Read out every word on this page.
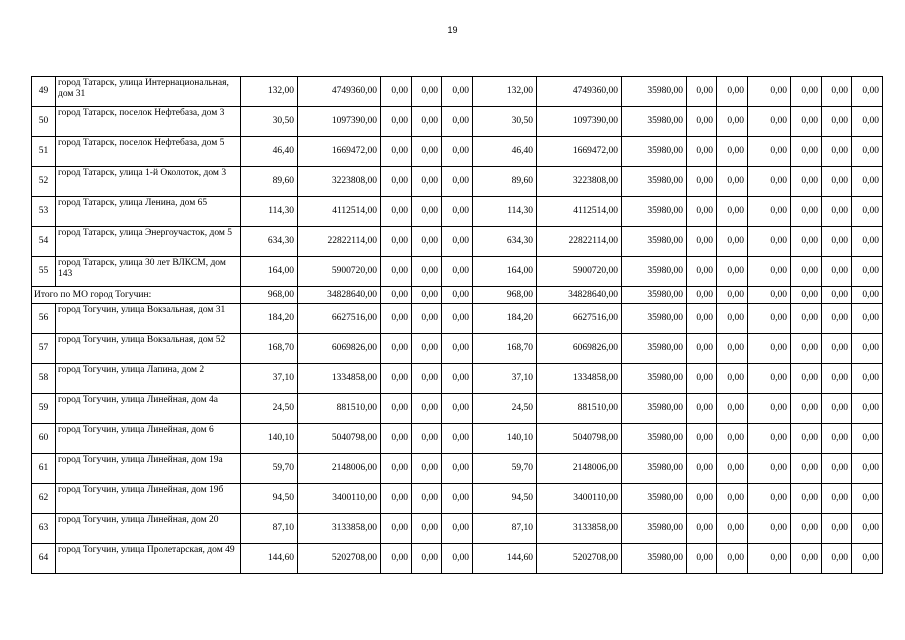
19
49	город Татарск, улица Интернациональная, дом 31	132,00	4749360,00	0,00	0,00	0,00	132,00	4749360,00	35980,00	0,00	0,00	0,00	0,00	0,00	0,00
50	город Татарск, поселок Нефтебаза, дом 3	30,50	1097390,00	0,00	0,00	0,00	30,50	1097390,00	35980,00	0,00	0,00	0,00	0,00	0,00	0,00
51	город Татарск, поселок Нефтебаза, дом 5	46,40	1669472,00	0,00	0,00	0,00	46,40	1669472,00	35980,00	0,00	0,00	0,00	0,00	0,00	0,00
52	город Татарск, улица 1-й Околоток, дом 3	89,60	3223808,00	0,00	0,00	0,00	89,60	3223808,00	35980,00	0,00	0,00	0,00	0,00	0,00	0,00
53	город Татарск, улица Ленина, дом 65	114,30	4112514,00	0,00	0,00	0,00	114,30	4112514,00	35980,00	0,00	0,00	0,00	0,00	0,00	0,00
54	город Татарск, улица Энергоучасток, дом 5	634,30	22822114,00	0,00	0,00	0,00	634,30	22822114,00	35980,00	0,00	0,00	0,00	0,00	0,00	0,00
55	город Татарск, улица 30 лет ВЛКСМ, дом 143	164,00	5900720,00	0,00	0,00	0,00	164,00	5900720,00	35980,00	0,00	0,00	0,00	0,00	0,00	0,00
Итого по МО город Тогучин:		968,00	34828640,00	0,00	0,00	0,00	968,00	34828640,00	35980,00	0,00	0,00	0,00	0,00	0,00	0,00
56	город Тогучин, улица Вокзальная, дом 31	184,20	6627516,00	0,00	0,00	0,00	184,20	6627516,00	35980,00	0,00	0,00	0,00	0,00	0,00	0,00
57	город Тогучин, улица Вокзальная, дом 52	168,70	6069826,00	0,00	0,00	0,00	168,70	6069826,00	35980,00	0,00	0,00	0,00	0,00	0,00	0,00
58	город Тогучин, улица Лапина, дом 2	37,10	1334858,00	0,00	0,00	0,00	37,10	1334858,00	35980,00	0,00	0,00	0,00	0,00	0,00	0,00
59	город Тогучин, улица Линейная, дом 4а	24,50	881510,00	0,00	0,00	0,00	24,50	881510,00	35980,00	0,00	0,00	0,00	0,00	0,00	0,00
60	город Тогучин, улица Линейная, дом 6	140,10	5040798,00	0,00	0,00	0,00	140,10	5040798,00	35980,00	0,00	0,00	0,00	0,00	0,00	0,00
61	город Тогучин, улица Линейная, дом 19а	59,70	2148006,00	0,00	0,00	0,00	59,70	2148006,00	35980,00	0,00	0,00	0,00	0,00	0,00	0,00
62	город Тогучин, улица Линейная, дом 19б	94,50	3400110,00	0,00	0,00	0,00	94,50	3400110,00	35980,00	0,00	0,00	0,00	0,00	0,00	0,00
63	город Тогучин, улица Линейная, дом 20	87,10	3133858,00	0,00	0,00	0,00	87,10	3133858,00	35980,00	0,00	0,00	0,00	0,00	0,00	0,00
64	город Тогучин, улица Пролетарская, дом 49	144,60	5202708,00	0,00	0,00	0,00	144,60	5202708,00	35980,00	0,00	0,00	0,00	0,00	0,00	0,00
